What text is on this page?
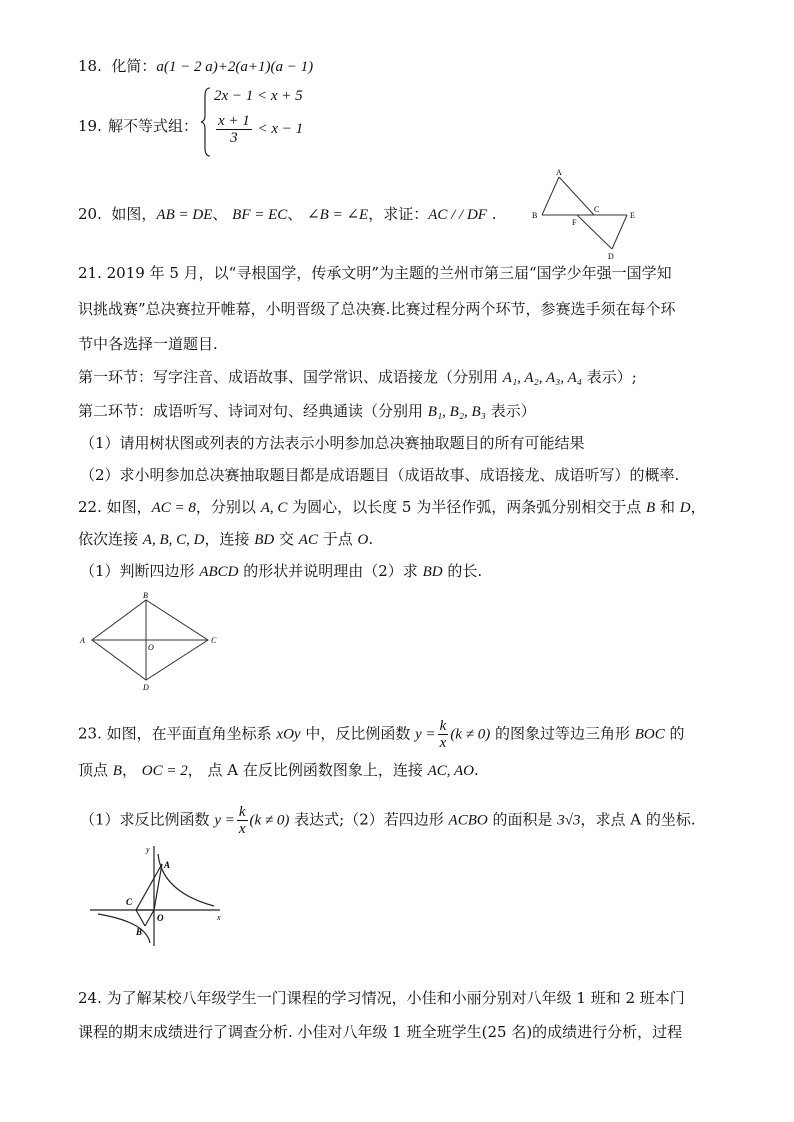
18. 化简：a(1 − 2 a)+2(a+1)(a − 1)
19. 解不等式组：
2x − 1 < x + 5
$\frac{x + 1}{3} < x - 1$
20. 如图，AB = DE、 BF = EC、 ∠B = ∠E，求证：AC / / DF .
A
B
C
F
E
D
21. 2019 年 5 月，以“寻根国学，传承文明”为主题的兰州市第三届“国学少年强一国学知
识挑战赛”总决赛拉开帷幕，小明晋级了总决赛.比赛过程分两个环节，参赛选手须在每个环
节中各选择一道题目.
第一环节：写字注音、成语故事、国学常识、成语接龙（分别用 A₁, A₂, A₃, A₄ 表示）;
第二环节：成语听写、诗词对句、经典通读（分别用 B₁, B₂, B₃ 表示）
（1）请用树状图或列表的方法表示小明参加总决赛抽取题目的所有可能结果
（2）求小明参加总决赛抽取题目都是成语题目（成语故事、成语接龙、成语听写）的概率.
22. 如图，AC = 8，分别以 A, C 为圆心，以长度 5 为半径作弧，两条弧分别相交于点 B 和 D，
依次连接 A, B, C, D，连接 BD 交 AC 于点 O.
（1）判断四边形 ABCD 的形状并说明理由（2）求 BD 的长.
A
B
C
D
O
23. 如图，在平面直角坐标系 xOy 中，反比例函数 $y = \frac{k}{x} (k \ne 0)$ 的图象过等边三角形 BOC 的
顶点 B， OC = 2， 点 A 在反比例函数图象上，连接 AC, AO.
（1）求反比例函数 $y = \frac{k}{x} (k \ne 0)$ 表达式;（2）若四边形 ACBO 的面积是 3√3，求点 A 的坐标.
y
x
A
C
O
B
24. 为了解某校八年级学生一门课程的学习情况，小佳和小丽分别对八年级 1 班和 2 班本门
课程的期末成绩进行了调查分析. 小佳对八年级 1 班全班学生(25 名)的成绩进行分析，过程
